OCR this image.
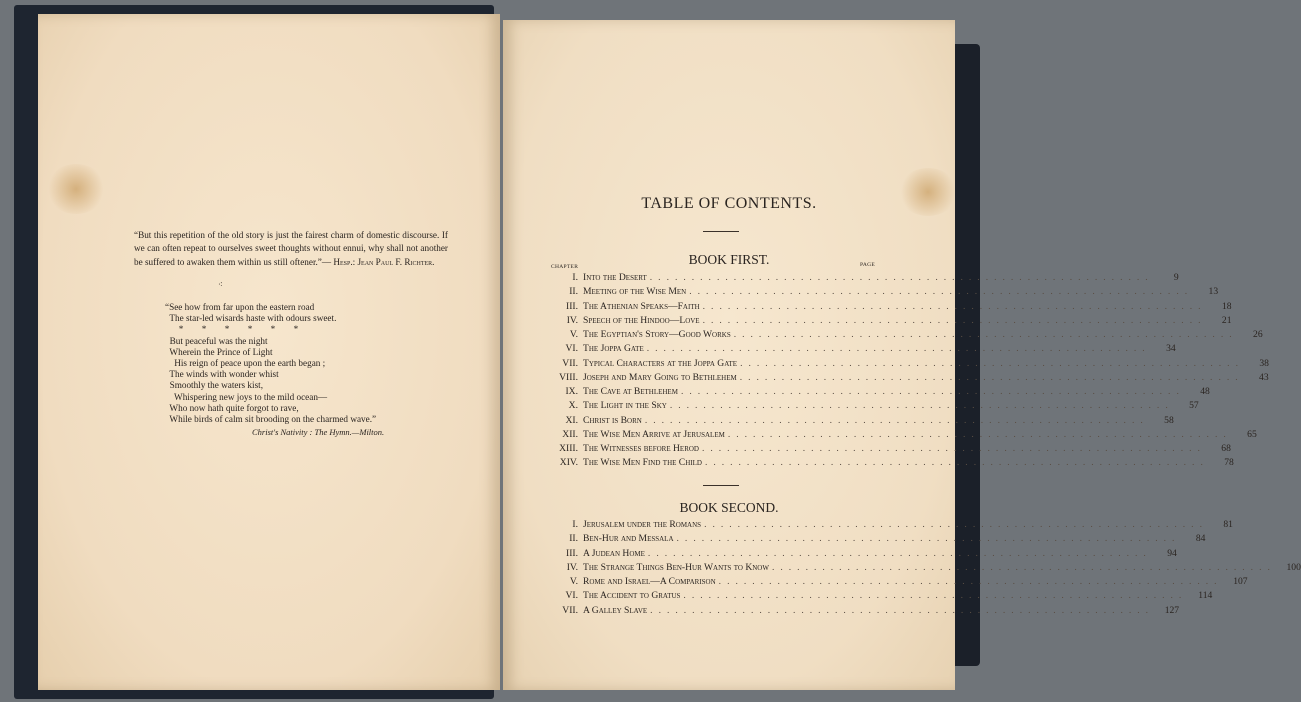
“But this repetition of the old story is just the fairest charm of domestic discourse. If we can often repeat to ourselves sweet thoughts without ennui, why shall not another be suffered to awaken them within us still oftener.”— Hesp.: Jean Paul F. Richter.
⁖
“See how from far upon the eastern road
The star-led wisards haste with odours sweet.
*        *        *        *        *        *
But peaceful was the night
Wherein the Prince of Light
His reign of peace upon the earth began ;
The winds with wonder whist
Smoothly the waters kist,
Whispering new joys to the mild ocean—
Who now hath quite forgot to rave,
While birds of calm sit brooding on the charmed wave.”
Christ's Nativity : The Hymn.—Milton.
TABLE OF CONTENTS.
CHAPTER	PAGE
BOOK FIRST.
I. Into the Desert ............................................................	9
II. Meeting of the Wise Men ............................................................	13
III. The Athenian Speaks—Faith ............................................................	18
IV. Speech of the Hindoo—Love ............................................................	21
V. The Egyptian's Story—Good Works ............................................................	26
VI. The Joppa Gate ............................................................	34
VII. Typical Characters at the Joppa Gate ............................................................	38
VIII. Joseph and Mary Going to Bethlehem ............................................................	43
IX. The Cave at Bethlehem ............................................................	48
X. The Light in the Sky ............................................................	57
XI. Christ is Born ............................................................	58
XII. The Wise Men Arrive at Jerusalem ............................................................	65
XIII. The Witnesses before Herod ............................................................	68
XIV. The Wise Men Find the Child ............................................................	78
BOOK SECOND.
I. Jerusalem under the Romans ............................................................	81
II. Ben-Hur and Messala ............................................................	84
III. A Judean Home ............................................................	94
IV. The Strange Things Ben-Hur Wants to Know ............................................................	100
V. Rome and Israel—A Comparison ............................................................	107
VI. The Accident to Gratus ............................................................	114
VII. A Galley Slave ............................................................	127
